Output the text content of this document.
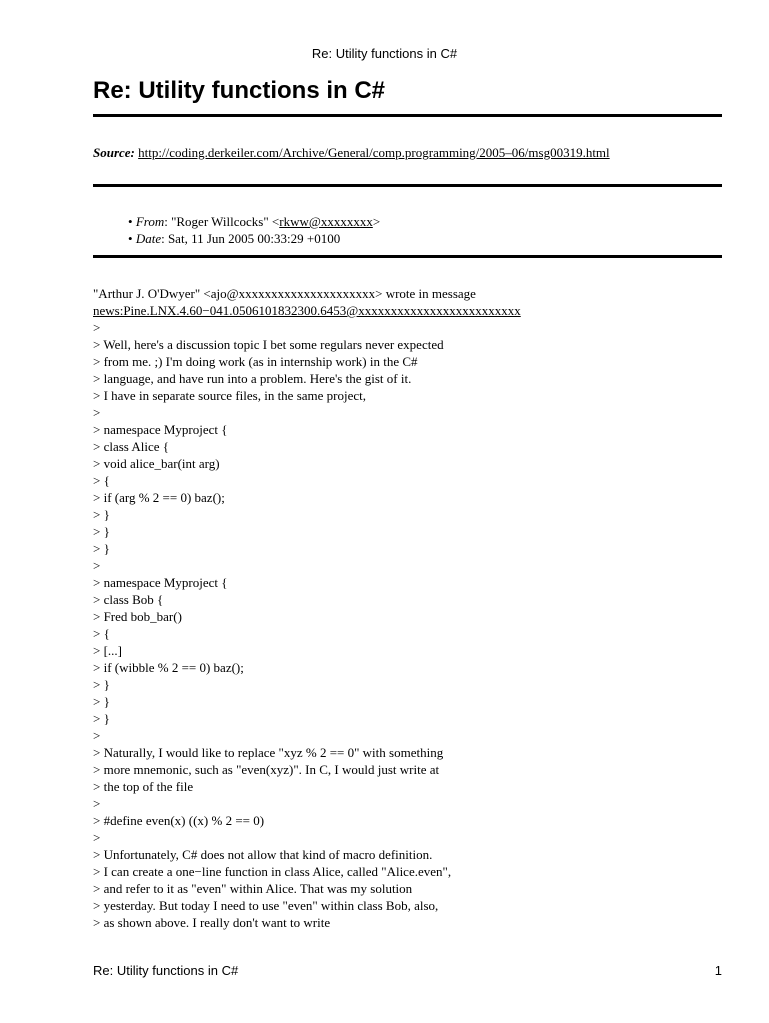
Re: Utility functions in C#
Re: Utility functions in C#
Source: http://coding.derkeiler.com/Archive/General/comp.programming/2005–06/msg00319.html
• From: "Roger Willcocks" <rkww@xxxxxxxx>
• Date: Sat, 11 Jun 2005 00:33:29 +0100
"Arthur J. O'Dwyer" <ajo@xxxxxxxxxxxxxxxxxxxxx> wrote in message
news:Pine.LNX.4.60−041.0506101832300.6453@xxxxxxxxxxxxxxxxxxxxxxxxx
>
> Well, here's a discussion topic I bet some regulars never expected
> from me. ;) I'm doing work (as in internship work) in the C#
> language, and have run into a problem. Here's the gist of it.
> I have in separate source files, in the same project,
>
> namespace Myproject {
> class Alice {
> void alice_bar(int arg)
> {
> if (arg % 2 == 0) baz();
> }
> }
> }
>
> namespace Myproject {
> class Bob {
> Fred bob_bar()
> {
> [...]
> if (wibble % 2 == 0) baz();
> }
> }
> }
>
> Naturally, I would like to replace "xyz % 2 == 0" with something
> more mnemonic, such as "even(xyz)". In C, I would just write at
> the top of the file
>
> #define even(x) ((x) % 2 == 0)
>
> Unfortunately, C# does not allow that kind of macro definition.
> I can create a one−line function in class Alice, called "Alice.even",
> and refer to it as "even" within Alice. That was my solution
> yesterday. But today I need to use "even" within class Bob, also,
> as shown above. I really don't want to write
Re: Utility functions in C#	1
